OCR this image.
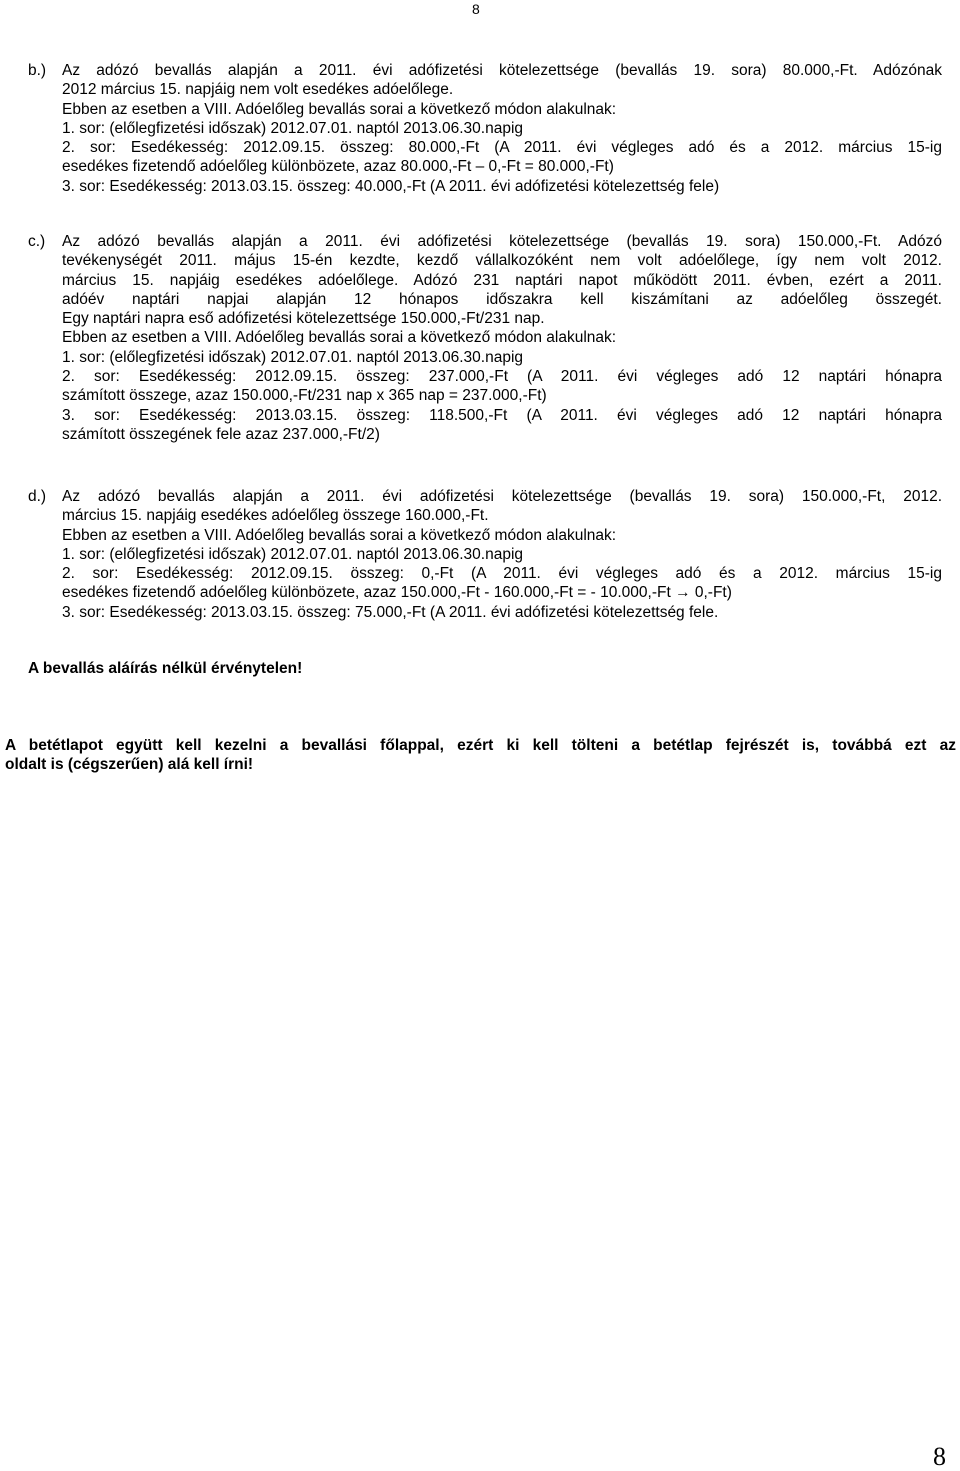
8
b.)	Az adózó bevallás alapján a 2011. évi adófizetési kötelezettsége (bevallás 19. sora) 80.000,-Ft. Adózónak
2012 március 15. napjáig nem volt esedékes adóelőlege.
Ebben az esetben a VIII. Adóelőleg bevallás sorai a következő módon alakulnak:
1. sor: (előlegfizetési időszak) 2012.07.01. naptól 2013.06.30.napig
2. sor: Esedékesség: 2012.09.15. összeg: 80.000,-Ft (A 2011. évi végleges adó és a 2012. március 15-ig
esedékes fizetendő adóelőleg különbözete, azaz 80.000,-Ft – 0,-Ft = 80.000,-Ft)
3. sor: Esedékesség: 2013.03.15. összeg: 40.000,-Ft (A 2011. évi adófizetési kötelezettség fele)
c.)	Az adózó bevallás alapján a 2011. évi adófizetési kötelezettsége (bevallás 19. sora) 150.000,-Ft. Adózó
tevékenységét 2011. május 15-én kezdte, kezdő vállalkozóként nem volt adóelőlege, így nem volt 2012.
március 15. napjáig esedékes adóelőlege. Adózó 231 naptári napot működött 2011. évben, ezért a 2011.
adóév naptári napjai alapján 12 hónapos időszakra kell kiszámítani az adóelőleg összegét.
Egy naptári napra eső adófizetési kötelezettsége 150.000,-Ft/231 nap.
Ebben az esetben a VIII. Adóelőleg bevallás sorai a következő módon alakulnak:
1. sor: (előlegfizetési időszak) 2012.07.01. naptól 2013.06.30.napig
2. sor: Esedékesség: 2012.09.15. összeg: 237.000,-Ft (A 2011. évi végleges adó 12 naptári hónapra
számított összege, azaz 150.000,-Ft/231 nap x 365 nap = 237.000,-Ft)
3. sor: Esedékesség: 2013.03.15. összeg: 118.500,-Ft (A 2011. évi végleges adó 12 naptári hónapra
számított összegének fele azaz 237.000,-Ft/2)
d.)	Az adózó bevallás alapján a 2011. évi adófizetési kötelezettsége (bevallás 19. sora) 150.000,-Ft, 2012.
március 15. napjáig esedékes adóelőleg összege 160.000,-Ft.
Ebben az esetben a VIII. Adóelőleg bevallás sorai a következő módon alakulnak:
1. sor: (előlegfizetési időszak) 2012.07.01. naptól 2013.06.30.napig
2. sor: Esedékesség: 2012.09.15. összeg: 0,-Ft (A 2011. évi végleges adó és a 2012. március 15-ig
esedékes fizetendő adóelőleg különbözete, azaz 150.000,-Ft - 160.000,-Ft = - 10.000,-Ft → 0,-Ft)
3. sor: Esedékesség: 2013.03.15. összeg: 75.000,-Ft (A 2011. évi adófizetési kötelezettség fele.
A bevallás aláírás nélkül érvénytelen!
A betétlapot együtt kell kezelni a bevallási főlappal, ezért ki kell tölteni a betétlap fejrészét is, továbbá ezt az
oldalt is (cégszerűen) alá kell írni!
8
